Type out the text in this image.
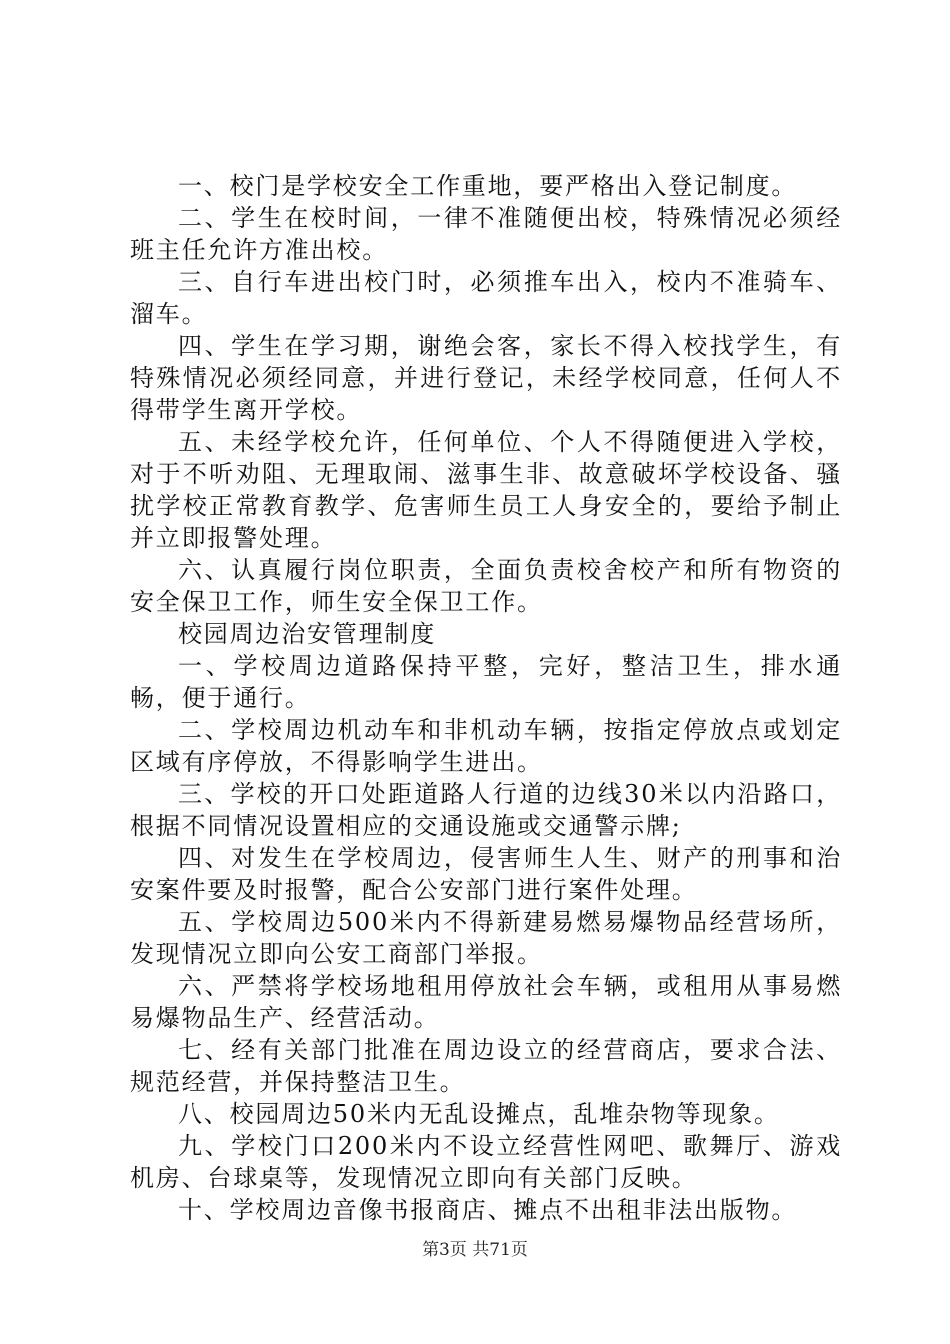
一、校门是学校安全工作重地，要严格出入登记制度。

二、学生在校时间，一律不准随便出校，特殊情况必须经班主任允许方准出校。

三、自行车进出校门时，必须推车出入，校内不准骑车、溜车。

四、学生在学习期，谢绝会客，家长不得入校找学生，有特殊情况必须经同意，并进行登记，未经学校同意，任何人不得带学生离开学校。

五、未经学校允许，任何单位、个人不得随便进入学校，对于不听劝阻、无理取闹、滋事生非、故意破坏学校设备、骚扰学校正常教育教学、危害师生员工人身安全的，要给予制止并立即报警处理。

六、认真履行岗位职责，全面负责校舍校产和所有物资的安全保卫工作，师生安全保卫工作。

校园周边治安管理制度

一、学校周边道路保持平整，完好，整洁卫生，排水通畅，便于通行。

二、学校周边机动车和非机动车辆，按指定停放点或划定区域有序停放，不得影响学生进出。

三、学校的开口处距道路人行道的边线30米以内沿路口，根据不同情况设置相应的交通设施或交通警示牌;

四、对发生在学校周边，侵害师生人生、财产的刑事和治安案件要及时报警，配合公安部门进行案件处理。

五、学校周边500米内不得新建易燃易爆物品经营场所，发现情况立即向公安工商部门举报。

六、严禁将学校场地租用停放社会车辆，或租用从事易燃易爆物品生产、经营活动。

七、经有关部门批准在周边设立的经营商店，要求合法、规范经营，并保持整洁卫生。

八、校园周边50米内无乱设摊点，乱堆杂物等现象。

九、学校门口200米内不设立经营性网吧、歌舞厅、游戏机房、台球桌等，发现情况立即向有关部门反映。

十、学校周边音像书报商店、摊点不出租非法出版物。

第3页 共71页
